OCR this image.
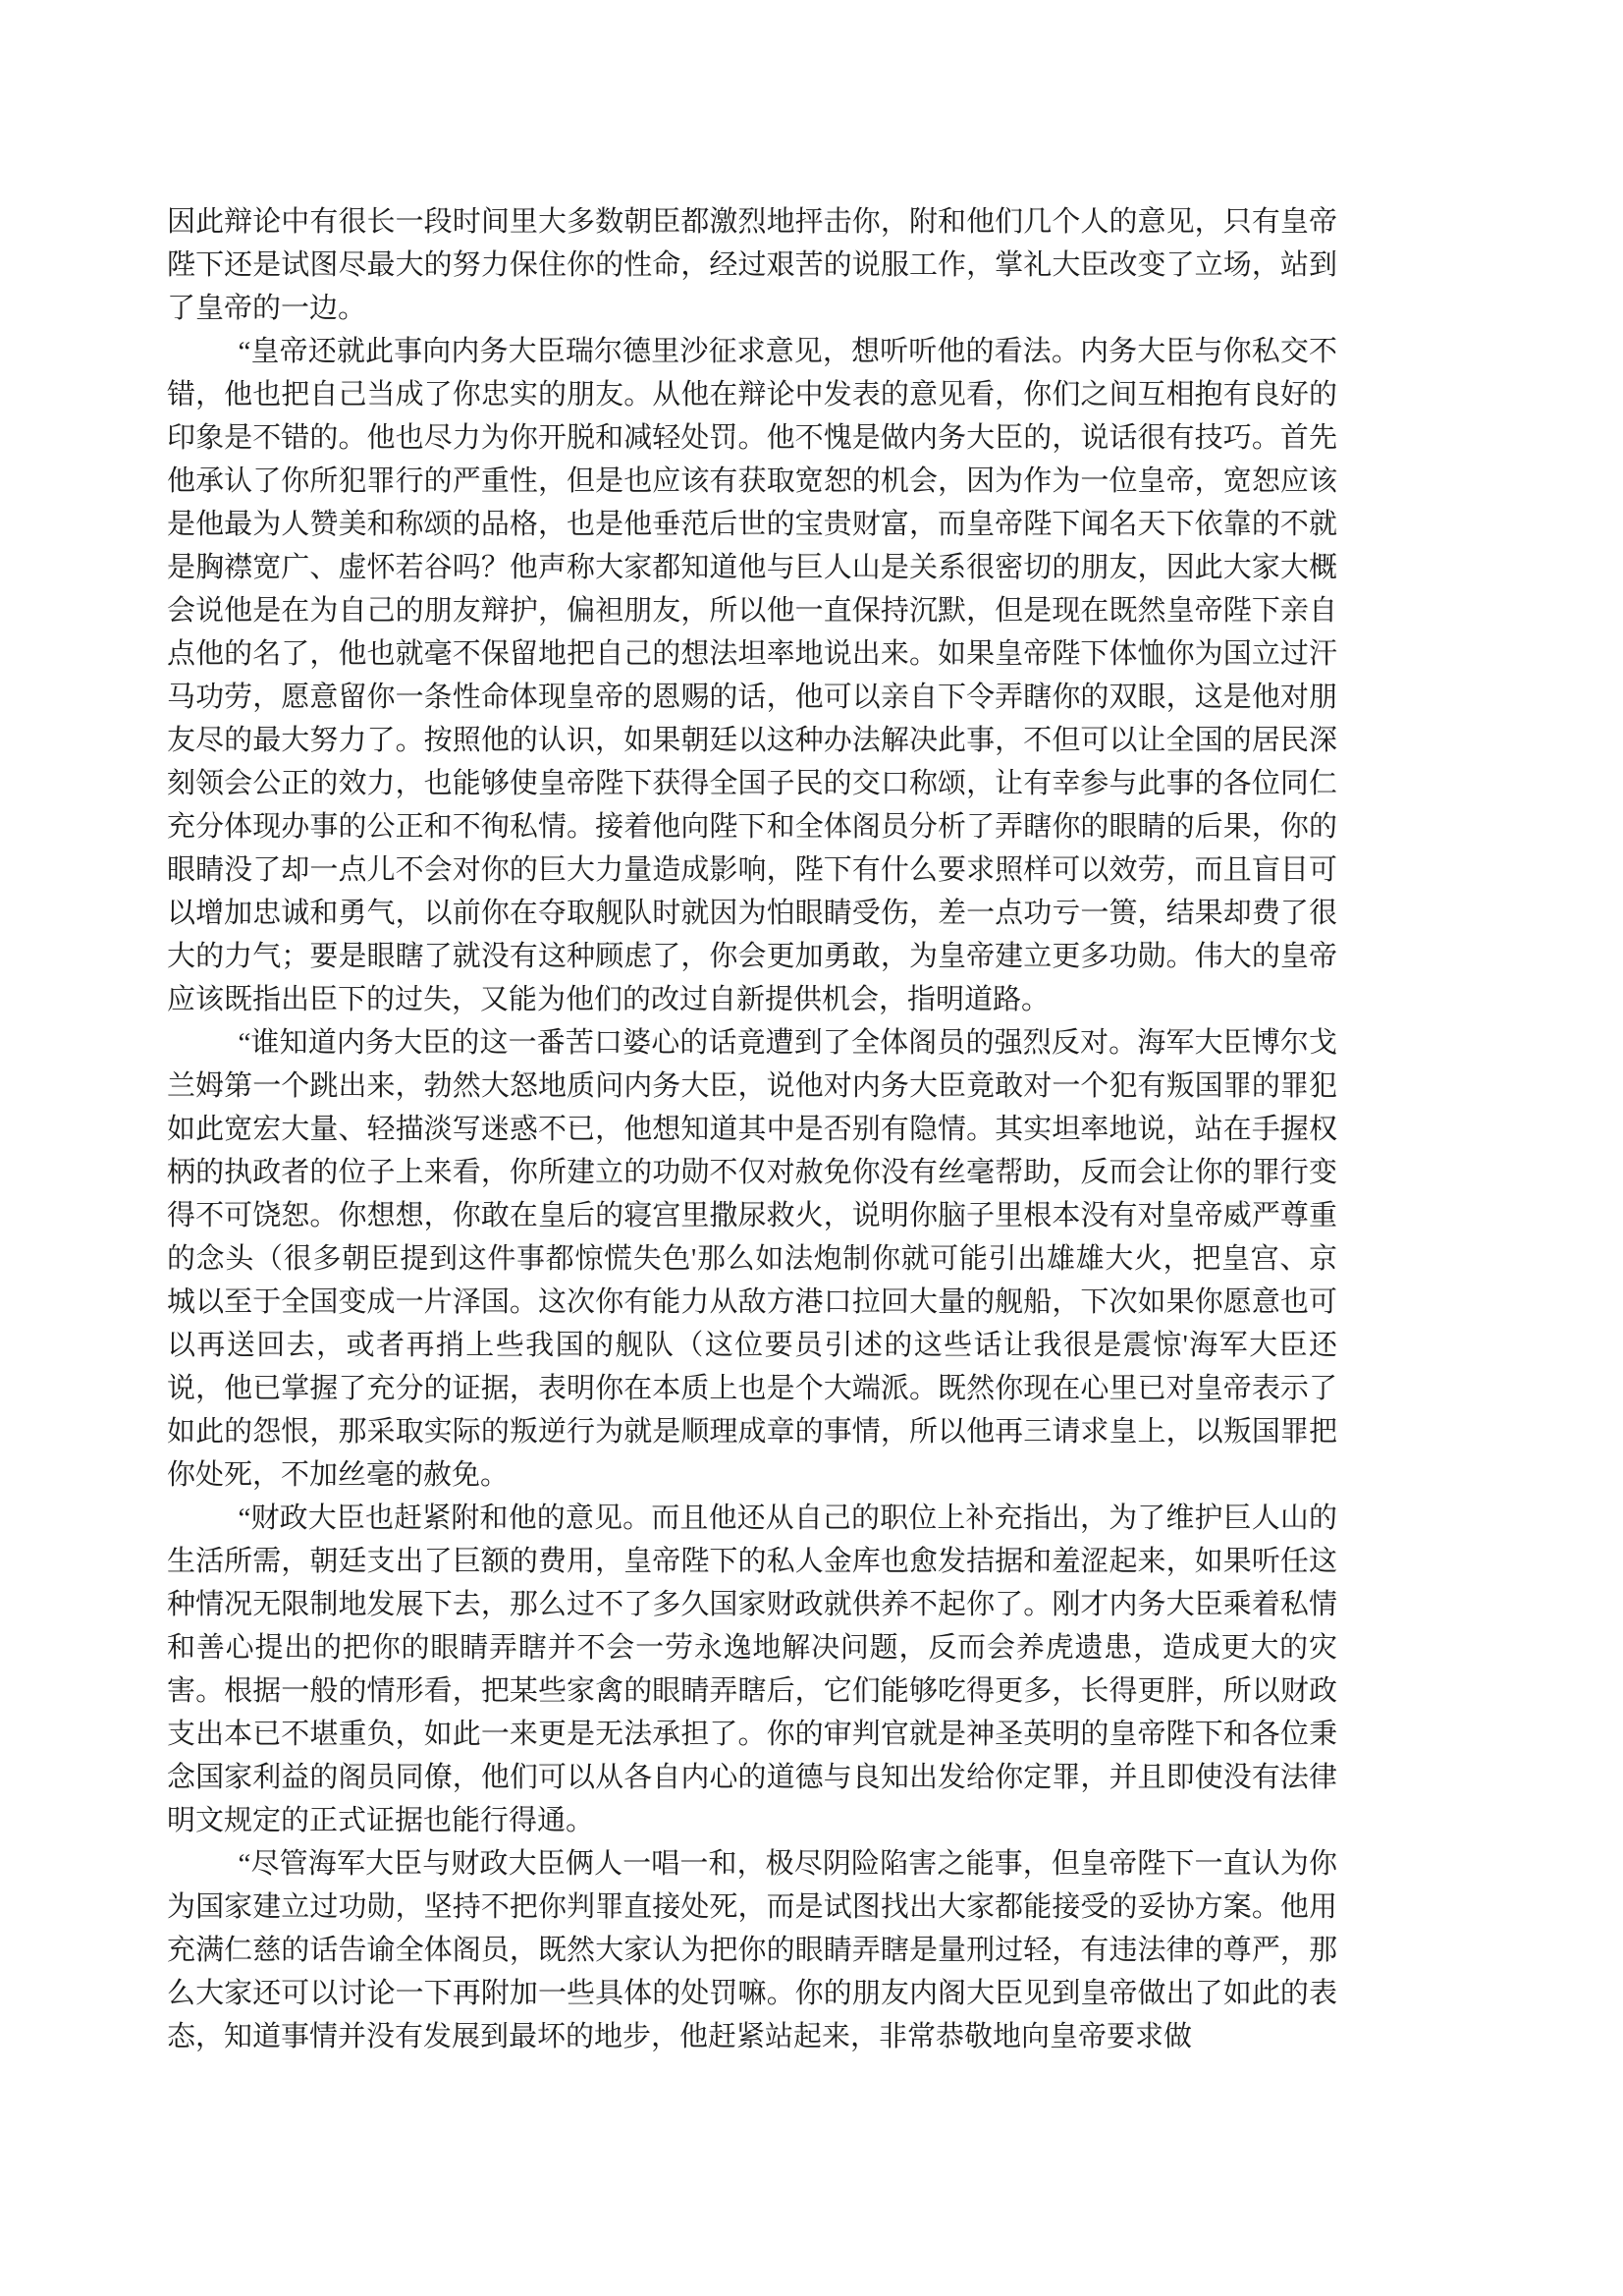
因此辩论中有很长一段时间里大多数朝臣都激烈地抨击你，附和他们几个人的意见，只有皇帝陛下还是试图尽最大的努力保住你的性命，经过艰苦的说服工作，掌礼大臣改变了立场，站到了皇帝的一边。

“皇帝还就此事向内务大臣瑞尔德里沙征求意见，想听听他的看法。内务大臣与你私交不错，他也把自己当成了你忠实的朋友。从他在辩论中发表的意见看，你们之间互相抱有良好的印象是不错的。他也尽力为你开脱和减轻处罚。他不愧是做内务大臣的，说话很有技巧。首先他承认了你所犯罪行的严重性，但是也应该有获取宽恕的机会，因为作为一位皇帝，宽恕应该是他最为人赞美和称颂的品格，也是他垂范后世的宝贵财富，而皇帝陛下闻名天下依靠的不就是胸襟宽广、虚怀若谷吗？他声称大家都知道他与巨人山是关系很密切的朋友，因此大家大概会说他是在为自己的朋友辩护，偏袒朋友，所以他一直保持沉默，但是现在既然皇帝陛下亲自点他的名了，他也就毫不保留地把自己的想法坦率地说出来。如果皇帝陛下体恤你为国立过汗马功劳，愿意留你一条性命体现皇帝的恩赐的话，他可以亲自下令弄瞎你的双眼，这是他对朋友尽的最大努力了。按照他的认识，如果朝廷以这种办法解决此事，不但可以让全国的居民深刻领会公正的效力，也能够使皇帝陛下获得全国子民的交口称颂，让有幸参与此事的各位同仁充分体现办事的公正和不徇私情。接着他向陛下和全体阁员分析了弄瞎你的眼睛的后果，你的眼睛没了却一点儿不会对你的巨大力量造成影响，陛下有什么要求照样可以效劳，而且盲目可以增加忠诚和勇气，以前你在夺取舰队时就因为怕眼睛受伤，差一点功亏一篑，结果却费了很大的力气；要是眼瞎了就没有这种顾虑了，你会更加勇敢，为皇帝建立更多功勋。伟大的皇帝应该既指出臣下的过失，又能为他们的改过自新提供机会，指明道路。

“谁知道内务大臣的这一番苦口婆心的话竟遭到了全体阁员的强烈反对。海军大臣博尔戈兰姆第一个跳出来，勃然大怒地质问内务大臣，说他对内务大臣竟敢对一个犯有叛国罪的罪犯如此宽宏大量、轻描淡写迷惑不已，他想知道其中是否别有隐情。其实坦率地说，站在手握权柄的执政者的位子上来看，你所建立的功勋不仅对赦免你没有丝毫帮助，反而会让你的罪行变得不可饶恕。你想想，你敢在皇后的寝宫里撒尿救火，说明你脑子里根本没有对皇帝威严尊重的念头（很多朝臣提到这件事都惊慌失色'那么如法炮制你就可能引出雄雄大火，把皇宫、京城以至于全国变成一片泽国。这次你有能力从敌方港口拉回大量的舰船，下次如果你愿意也可以再送回去，或者再捎上些我国的舰队（这位要员引述的这些话让我很是震惊'海军大臣还说，他已掌握了充分的证据，表明你在本质上也是个大端派。既然你现在心里已对皇帝表示了如此的怨恨，那采取实际的叛逆行为就是顺理成章的事情，所以他再三请求皇上，以叛国罪把你处死，不加丝毫的赦免。

“财政大臣也赶紧附和他的意见。而且他还从自己的职位上补充指出，为了维护巨人山的生活所需，朝廷支出了巨额的费用，皇帝陛下的私人金库也愈发拮据和羞涩起来，如果听任这种情况无限制地发展下去，那么过不了多久国家财政就供养不起你了。刚才内务大臣乘着私情和善心提出的把你的眼睛弄瞎并不会一劳永逸地解决问题，反而会养虎遗患，造成更大的灾害。根据一般的情形看，把某些家禽的眼睛弄瞎后，它们能够吃得更多，长得更胖，所以财政支出本已不堪重负，如此一来更是无法承担了。你的审判官就是神圣英明的皇帝陛下和各位秉念国家利益的阁员同僚，他们可以从各自内心的道德与良知出发给你定罪，并且即使没有法律明文规定的正式证据也能行得通。

“尽管海军大臣与财政大臣俩人一唱一和，极尽阴险陷害之能事，但皇帝陛下一直认为你为国家建立过功勋，坚持不把你判罪直接处死，而是试图找出大家都能接受的妥协方案。他用充满仁慈的话告谕全体阁员，既然大家认为把你的眼睛弄瞎是量刑过轻，有违法律的尊严，那么大家还可以讨论一下再附加一些具体的处罚嘛。你的朋友内阁大臣见到皇帝做出了如此的表态，知道事情并没有发展到最坏的地步，他赶紧站起来，非常恭敬地向皇帝要求做
